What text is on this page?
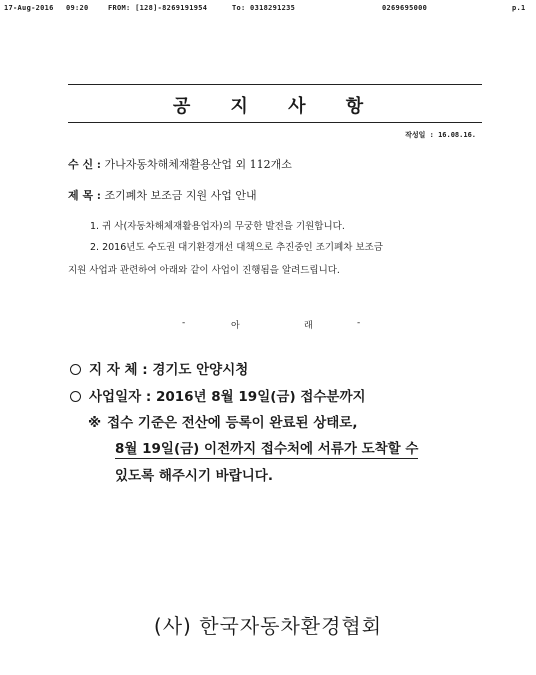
17-Aug-2016 09:20	FROM: [128]-8269191954	To: 0318291235	0269695000	p.1
공 지 사 항
작성일 : 16.08.16.
수 신 : 가나자동차해체재활용산업 외 112개소
제 목 : 조기폐차 보조금 지원 사업 안내
1. 귀 사(자동차해체재활용업자)의 무궁한 발전을 기원합니다.
2. 2016년도 수도권 대기환경개선 대책으로 추진중인 조기폐차 보조금
지원 사업과 관련하여 아래와 같이 사업이 진행됨을 알려드립니다.
-	아	래	-
지 자 체 : 경기도 안양시청
사업일자 : 2016년 8월 19일(금) 접수분까지
※ 접수 기준은 전산에 등록이 완료된 상태로,
8월 19일(금) 이전까지 접수처에 서류가 도착할 수
있도록 해주시기 바랍니다.
(사) 한국자동차환경협회
